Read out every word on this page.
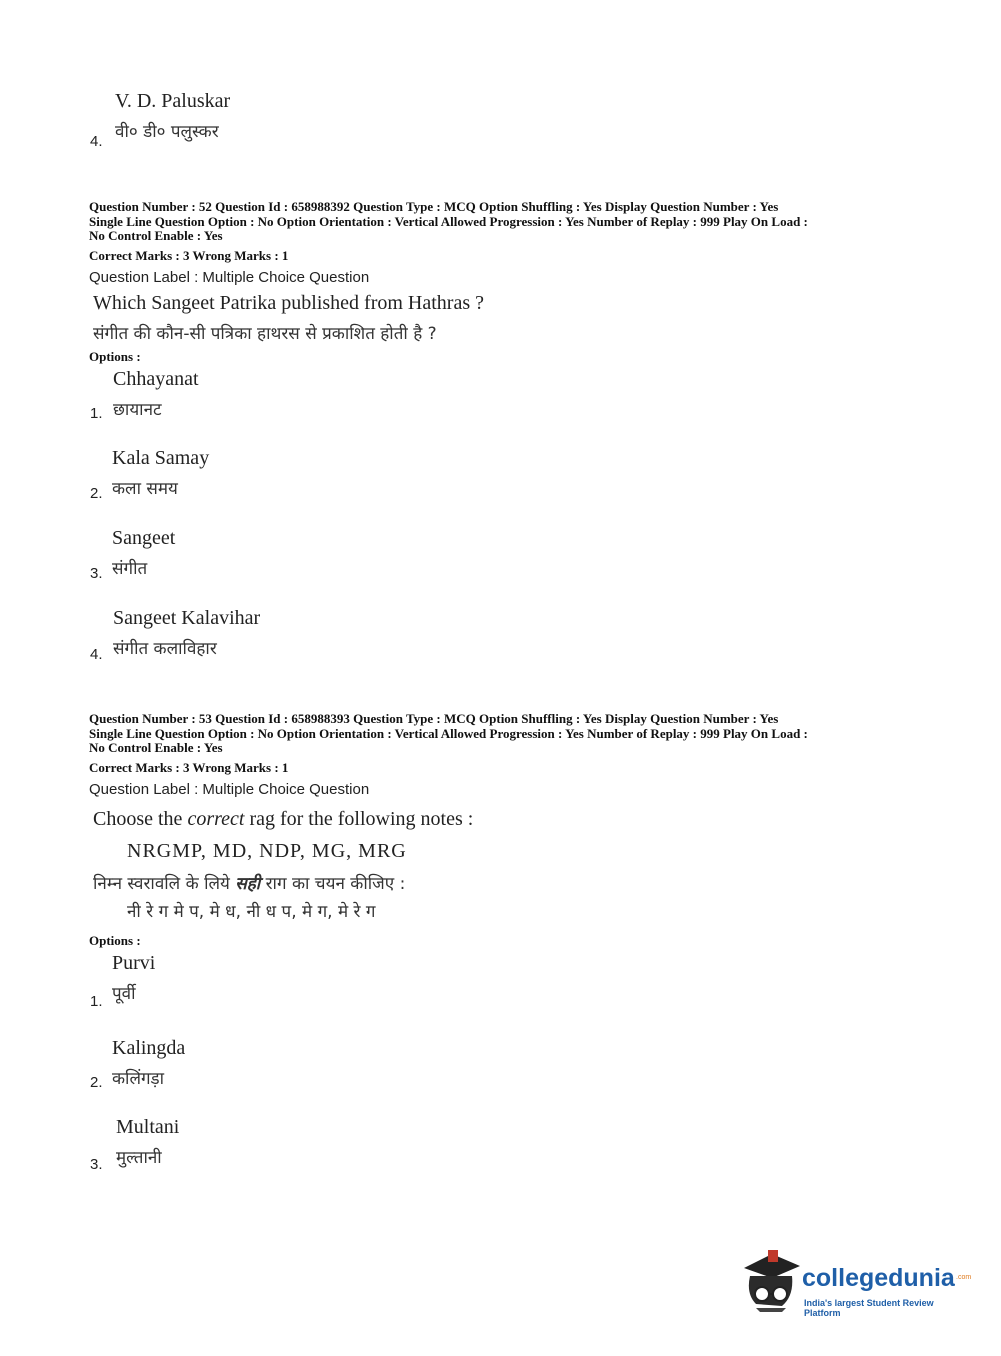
V. D. Paluskar
वी० डी० पलुस्कर
4.
Question Number : 52 Question Id : 658988392 Question Type : MCQ Option Shuffling : Yes Display Question Number : Yes
Single Line Question Option : No Option Orientation : Vertical Allowed Progression : Yes Number of Replay : 999 Play On Load :
No Control Enable : Yes
Correct Marks : 3 Wrong Marks : 1
Question Label : Multiple Choice Question
Which Sangeet Patrika published from Hathras ?
संगीत की कौन-सी पत्रिका हाथरस से प्रकाशित होती है ?
Options :
Chhayanat
छायानट
1.
Kala Samay
कला समय
2.
Sangeet
संगीत
3.
Sangeet Kalavihar
संगीत कलाविहार
4.
Question Number : 53 Question Id : 658988393 Question Type : MCQ Option Shuffling : Yes Display Question Number : Yes
Single Line Question Option : No Option Orientation : Vertical Allowed Progression : Yes Number of Replay : 999 Play On Load :
No Control Enable : Yes
Correct Marks : 3 Wrong Marks : 1
Question Label : Multiple Choice Question
Choose the correct rag for the following notes :
NRGMP, MD, NDP, MG, MRG
निम्न स्वरावलि के लिये सही राग का चयन कीजिए :
नी रे ग मे प, मे ध, नी ध प, मे ग, मे रे ग
Options :
Purvi
पूर्वी
1.
Kalingda
कलिंगड़ा
2.
Multani
मुल्तानी
3.
collegedunia .com
India's largest Student Review Platform
